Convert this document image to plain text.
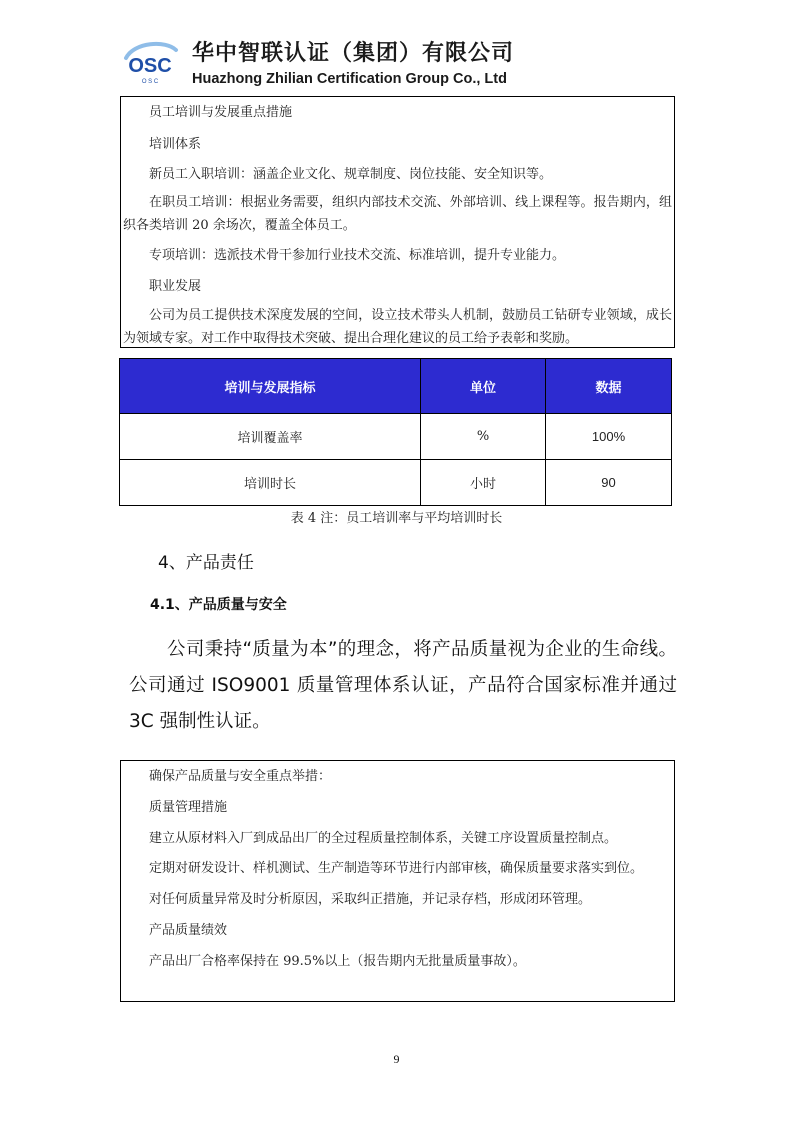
OSC
O S C
华中智联认证（集团）有限公司
Huazhong Zhilian Certification Group Co., Ltd
员工培训与发展重点措施
培训体系
新员工入职培训：涵盖企业文化、规章制度、岗位技能、安全知识等。
在职员工培训：根据业务需要，组织内部技术交流、外部培训、线上课程等。报告期内，组织各类培训 20 余场次，覆盖全体员工。
专项培训：选派技术骨干参加行业技术交流、标准培训，提升专业能力。
职业发展
公司为员工提供技术深度发展的空间，设立技术带头人机制，鼓励员工钻研专业领域，成长为领域专家。对工作中取得技术突破、提出合理化建议的员工给予表彰和奖励。
培训与发展指标	单位	数据
培训覆盖率	%	100%
培训时长	小时	90
表 4 注：员工培训率与平均培训时长
4、产品责任
4.1、产品质量与安全
公司秉持“质量为本”的理念，将产品质量视为企业的生命线。公司通过 ISO9001 质量管理体系认证，产品符合国家标准并通过 3C 强制性认证。
确保产品质量与安全重点举措：
质量管理措施
建立从原材料入厂到成品出厂的全过程质量控制体系，关键工序设置质量控制点。
定期对研发设计、样机测试、生产制造等环节进行内部审核，确保质量要求落实到位。
对任何质量异常及时分析原因，采取纠正措施，并记录存档，形成闭环管理。
产品质量绩效
产品出厂合格率保持在 99.5%以上（报告期内无批量质量事故）。
9
